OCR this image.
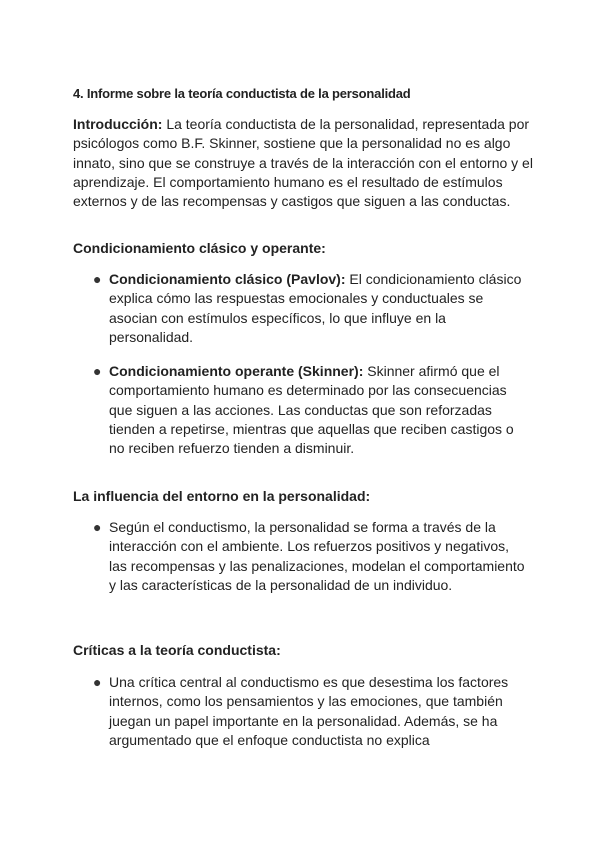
4. Informe sobre la teoría conductista de la personalidad

Introducción: La teoría conductista de la personalidad, representada por psicólogos como B.F. Skinner, sostiene que la personalidad no es algo innato, sino que se construye a través de la interacción con el entorno y el aprendizaje. El comportamiento humano es el resultado de estímulos externos y de las recompensas y castigos que siguen a las conductas.

Condicionamiento clásico y operante:
● Condicionamiento clásico (Pavlov): El condicionamiento clásico explica cómo las respuestas emocionales y conductuales se asocian con estímulos específicos, lo que influye en la personalidad.

● Condicionamiento operante (Skinner): Skinner afirmó que el comportamiento humano es determinado por las consecuencias que siguen a las acciones. Las conductas que son reforzadas tienden a repetirse, mientras que aquellas que reciben castigos o no reciben refuerzo tienden a disminuir.

La influencia del entorno en la personalidad:
● Según el conductismo, la personalidad se forma a través de la interacción con el ambiente. Los refuerzos positivos y negativos, las recompensas y las penalizaciones, modelan el comportamiento y las características de la personalidad de un individuo.

Críticas a la teoría conductista:
● Una crítica central al conductismo es que desestima los factores internos, como los pensamientos y las emociones, que también juegan un papel importante en la personalidad. Además, se ha argumentado que el enfoque conductista no explica
